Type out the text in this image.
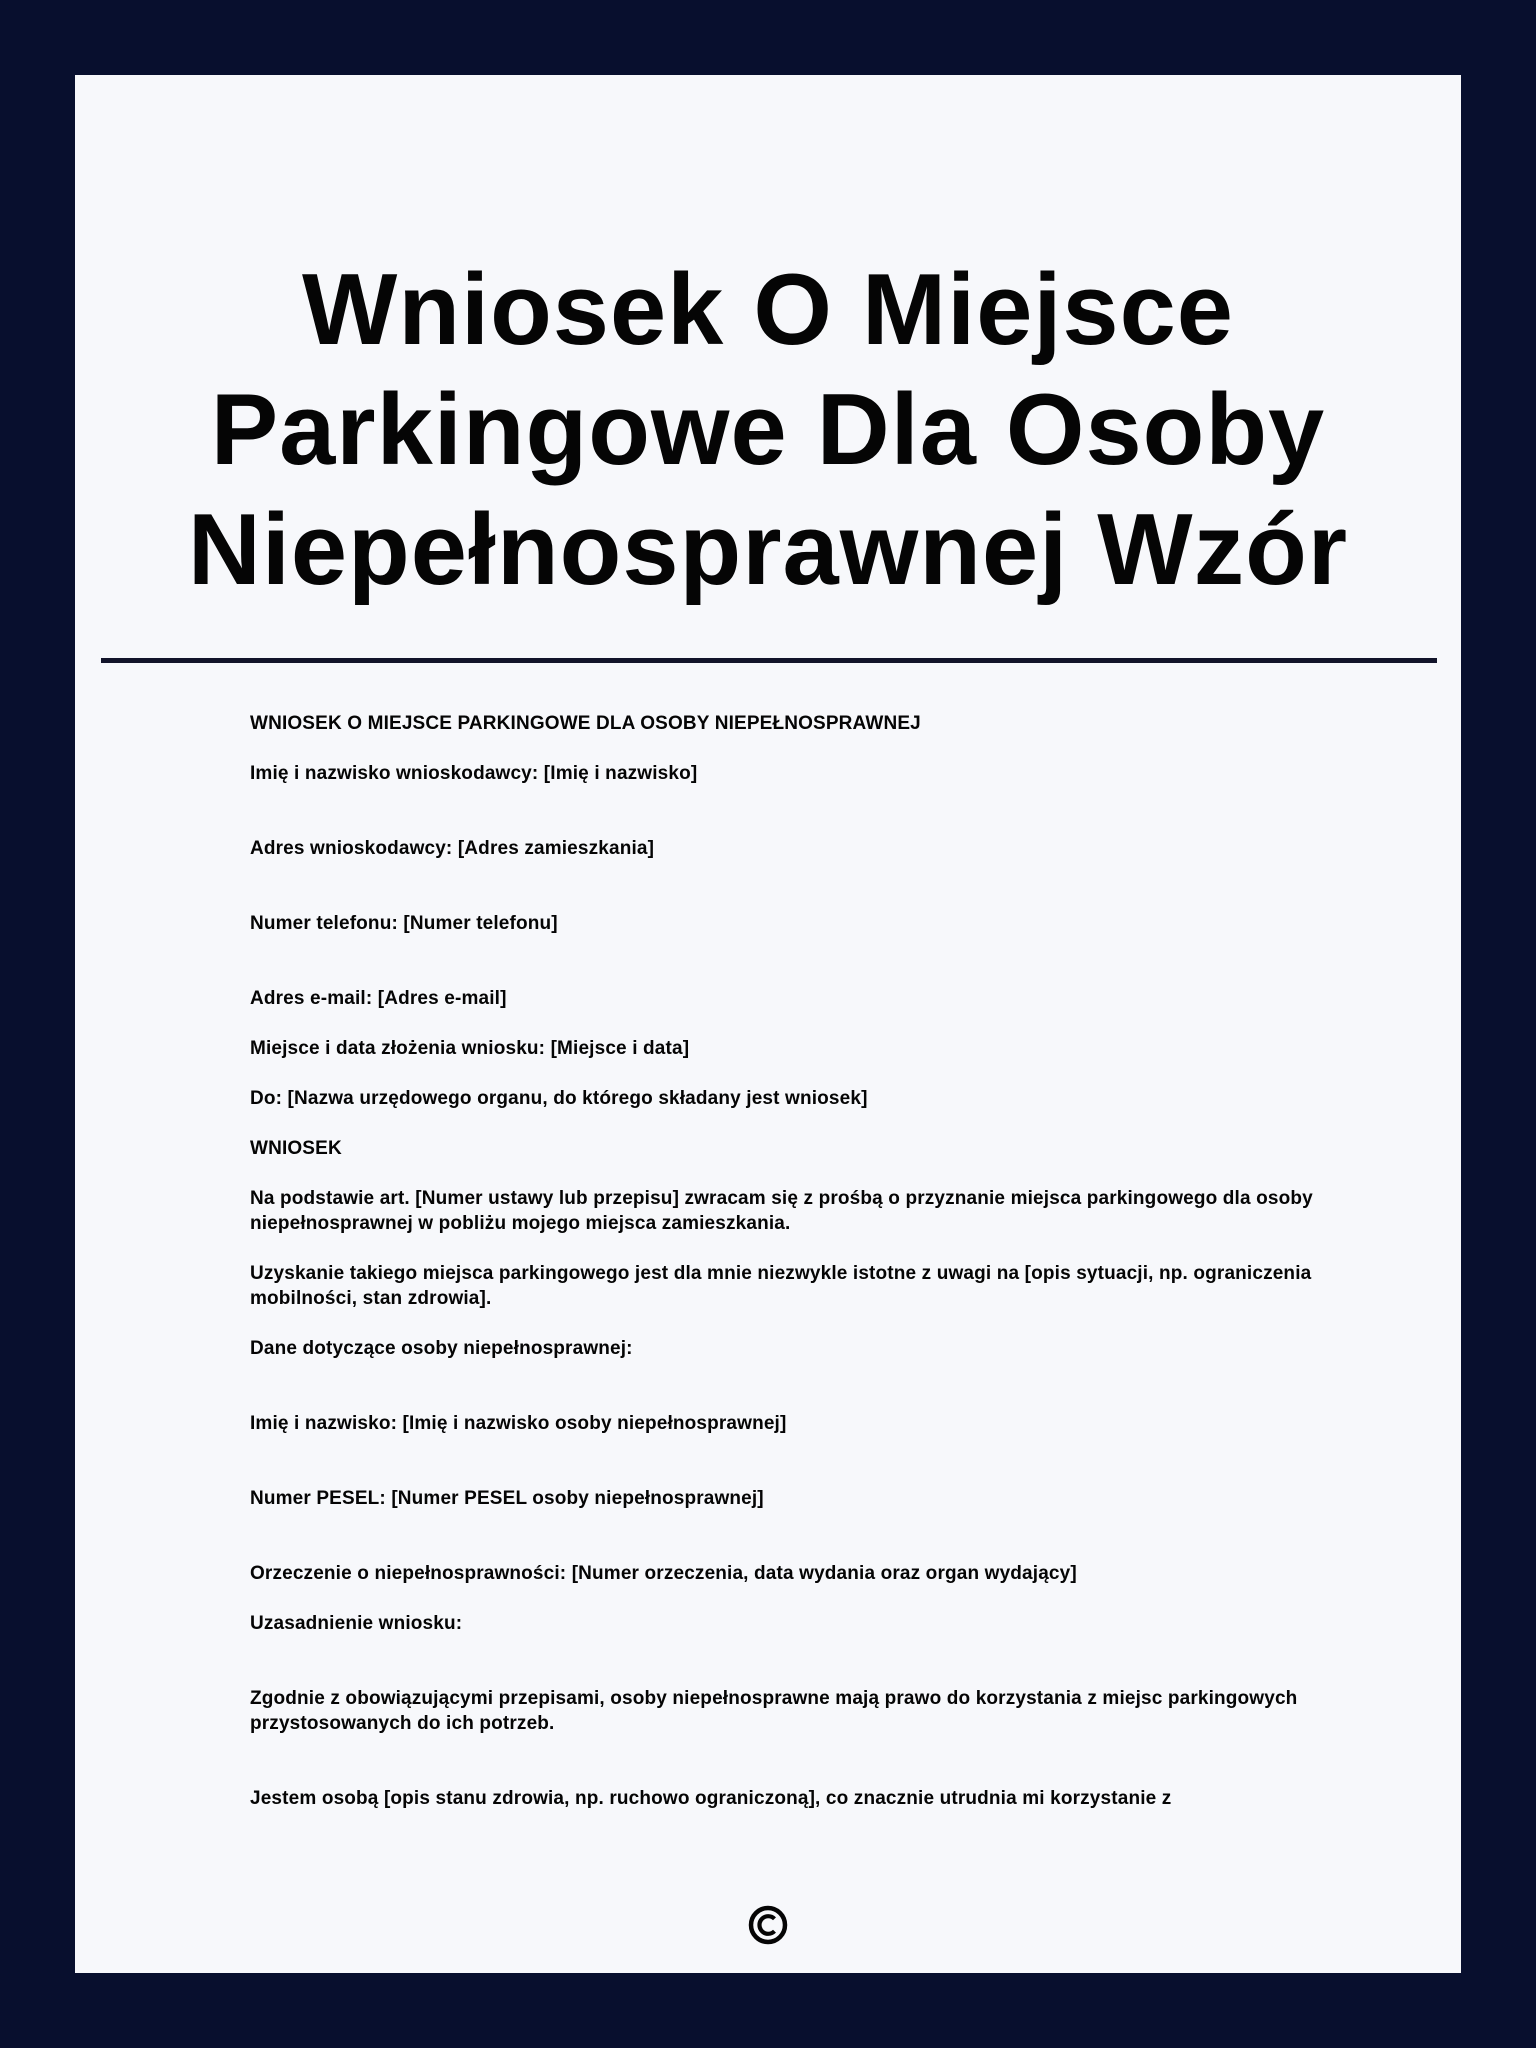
Wniosek O Miejsce Parkingowe Dla Osoby Niepełnosprawnej Wzór

WNIOSEK O MIEJSCE PARKINGOWE DLA OSOBY NIEPEŁNOSPRAWNEJ

Imię i nazwisko wnioskodawcy: [Imię i nazwisko]

Adres wnioskodawcy: [Adres zamieszkania]

Numer telefonu: [Numer telefonu]

Adres e-mail: [Adres e-mail]

Miejsce i data złożenia wniosku: [Miejsce i data]

Do: [Nazwa urzędowego organu, do którego składany jest wniosek]

WNIOSEK

Na podstawie art. [Numer ustawy lub przepisu] zwracam się z prośbą o przyznanie miejsca parkingowego dla osoby niepełnosprawnej w pobliżu mojego miejsca zamieszkania.

Uzyskanie takiego miejsca parkingowego jest dla mnie niezwykle istotne z uwagi na [opis sytuacji, np. ograniczenia mobilności, stan zdrowia].

Dane dotyczące osoby niepełnosprawnej:

Imię i nazwisko: [Imię i nazwisko osoby niepełnosprawnej]

Numer PESEL: [Numer PESEL osoby niepełnosprawnej]

Orzeczenie o niepełnosprawności: [Numer orzeczenia, data wydania oraz organ wydający]

Uzasadnienie wniosku:

Zgodnie z obowiązującymi przepisami, osoby niepełnosprawne mają prawo do korzystania z miejsc parkingowych przystosowanych do ich potrzeb.

Jestem osobą [opis stanu zdrowia, np. ruchowo ograniczoną], co znacznie utrudnia mi korzystanie z
